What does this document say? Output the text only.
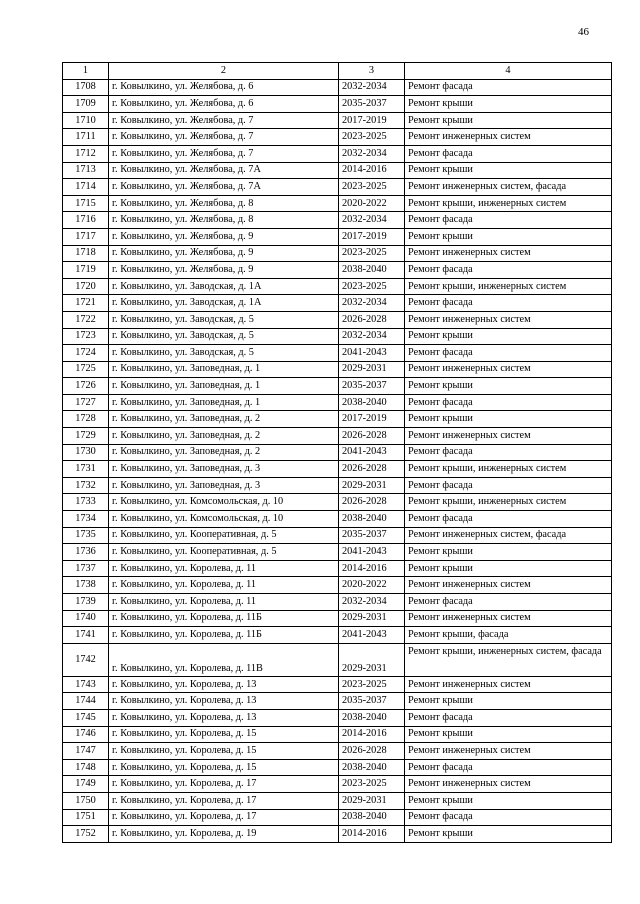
46
1	2	3	4
1708	г. Ковылкино, ул. Желябова, д. 6	2032-2034	Ремонт фасада
1709	г. Ковылкино, ул. Желябова, д. 6	2035-2037	Ремонт крыши
1710	г. Ковылкино, ул. Желябова, д. 7	2017-2019	Ремонт крыши
1711	г. Ковылкино, ул. Желябова, д. 7	2023-2025	Ремонт инженерных систем
1712	г. Ковылкино, ул. Желябова, д. 7	2032-2034	Ремонт фасада
1713	г. Ковылкино, ул. Желябова, д. 7А	2014-2016	Ремонт крыши
1714	г. Ковылкино, ул. Желябова, д. 7А	2023-2025	Ремонт инженерных систем, фасада
1715	г. Ковылкино, ул. Желябова, д. 8	2020-2022	Ремонт крыши, инженерных систем
1716	г. Ковылкино, ул. Желябова, д. 8	2032-2034	Ремонт фасада
1717	г. Ковылкино, ул. Желябова, д. 9	2017-2019	Ремонт крыши
1718	г. Ковылкино, ул. Желябова, д. 9	2023-2025	Ремонт инженерных систем
1719	г. Ковылкино, ул. Желябова, д. 9	2038-2040	Ремонт фасада
1720	г. Ковылкино, ул. Заводская, д. 1А	2023-2025	Ремонт крыши, инженерных систем
1721	г. Ковылкино, ул. Заводская, д. 1А	2032-2034	Ремонт фасада
1722	г. Ковылкино, ул. Заводская, д. 5	2026-2028	Ремонт инженерных систем
1723	г. Ковылкино, ул. Заводская, д. 5	2032-2034	Ремонт крыши
1724	г. Ковылкино, ул. Заводская, д. 5	2041-2043	Ремонт фасада
1725	г. Ковылкино, ул. Заповедная, д. 1	2029-2031	Ремонт инженерных систем
1726	г. Ковылкино, ул. Заповедная, д. 1	2035-2037	Ремонт крыши
1727	г. Ковылкино, ул. Заповедная, д. 1	2038-2040	Ремонт фасада
1728	г. Ковылкино, ул. Заповедная, д. 2	2017-2019	Ремонт крыши
1729	г. Ковылкино, ул. Заповедная, д. 2	2026-2028	Ремонт инженерных систем
1730	г. Ковылкино, ул. Заповедная, д. 2	2041-2043	Ремонт фасада
1731	г. Ковылкино, ул. Заповедная, д. 3	2026-2028	Ремонт крыши, инженерных систем
1732	г. Ковылкино, ул. Заповедная, д. 3	2029-2031	Ремонт фасада
1733	г. Ковылкино, ул. Комсомольская, д. 10	2026-2028	Ремонт крыши, инженерных систем
1734	г. Ковылкино, ул. Комсомольская, д. 10	2038-2040	Ремонт фасада
1735	г. Ковылкино, ул. Кооперативная, д. 5	2035-2037	Ремонт инженерных систем, фасада
1736	г. Ковылкино, ул. Кооперативная, д. 5	2041-2043	Ремонт крыши
1737	г. Ковылкино, ул. Королева, д. 11	2014-2016	Ремонт крыши
1738	г. Ковылкино, ул. Королева, д. 11	2020-2022	Ремонт инженерных систем
1739	г. Ковылкино, ул. Королева, д. 11	2032-2034	Ремонт фасада
1740	г. Ковылкино, ул. Королева, д. 11Б	2029-2031	Ремонт инженерных систем
1741	г. Ковылкино, ул. Королева, д. 11Б	2041-2043	Ремонт крыши, фасада
1742	г. Ковылкино, ул. Королева, д. 11В	2029-2031	Ремонт крыши, инженерных систем, фасада
1743	г. Ковылкино, ул. Королева, д. 13	2023-2025	Ремонт инженерных систем
1744	г. Ковылкино, ул. Королева, д. 13	2035-2037	Ремонт крыши
1745	г. Ковылкино, ул. Королева, д. 13	2038-2040	Ремонт фасада
1746	г. Ковылкино, ул. Королева, д. 15	2014-2016	Ремонт крыши
1747	г. Ковылкино, ул. Королева, д. 15	2026-2028	Ремонт инженерных систем
1748	г. Ковылкино, ул. Королева, д. 15	2038-2040	Ремонт фасада
1749	г. Ковылкино, ул. Королева, д. 17	2023-2025	Ремонт инженерных систем
1750	г. Ковылкино, ул. Королева, д. 17	2029-2031	Ремонт крыши
1751	г. Ковылкино, ул. Королева, д. 17	2038-2040	Ремонт фасада
1752	г. Ковылкино, ул. Королева, д. 19	2014-2016	Ремонт крыши
